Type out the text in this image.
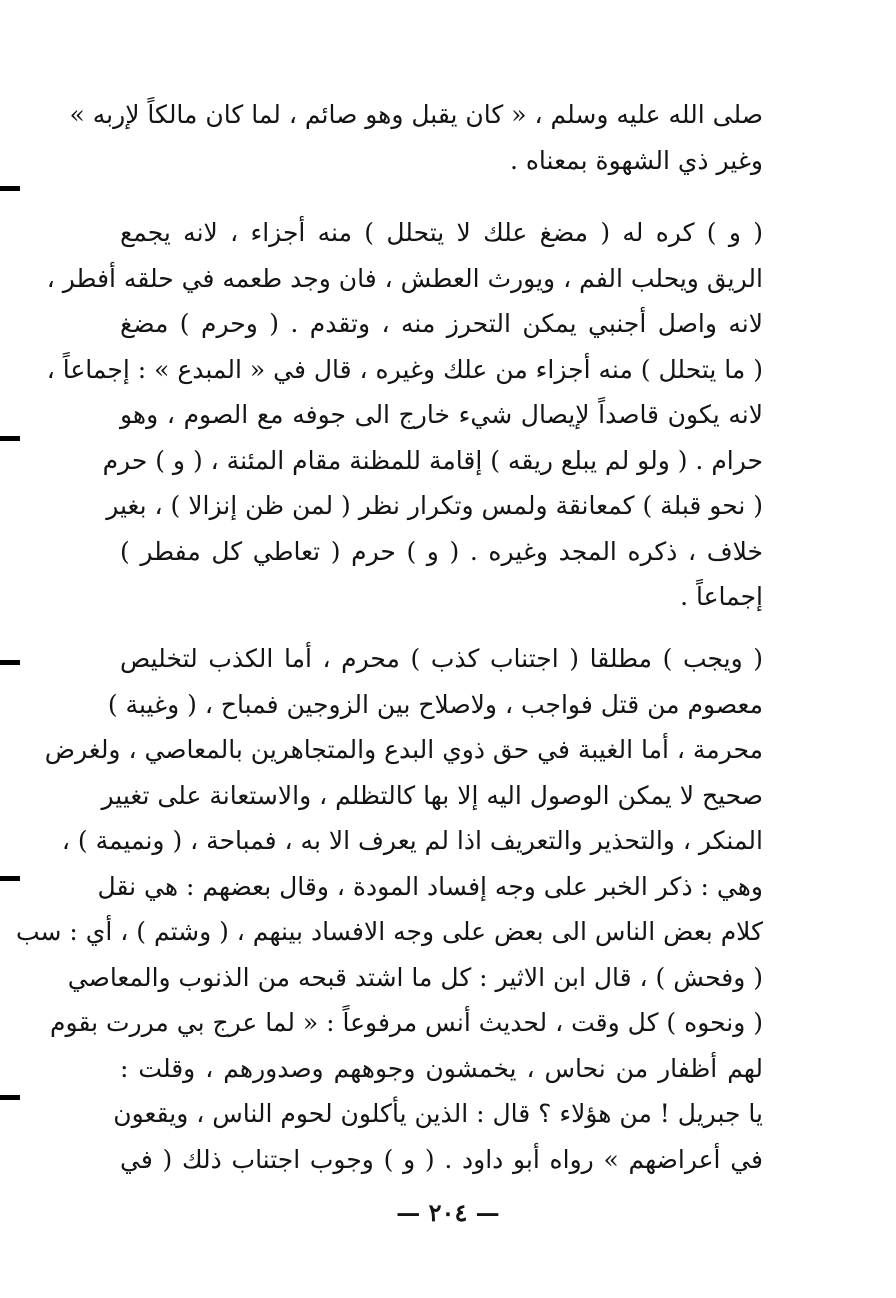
صلى الله عليه وسلم ، « كان يقبل وهو صائم ، لما كان مالكاً لإربه »
وغير ذي الشهوة بمعناه .
( و ) كره له ( مضغ علك لا يتحلل ) منه أجزاء ، لانه يجمع
الريق ويحلب الفم ، ويورث العطش ، فان وجد طعمه في حلقه أفطر ،
لانه واصل أجنبي يمكن التحرز منه ، وتقدم . ( وحرم ) مضغ
( ما يتحلل ) منه أجزاء من علك وغيره ، قال في « المبدع » : إجماعاً ،
لانه يكون قاصداً لإيصال شيء خارج الى جوفه مع الصوم ، وهو
حرام . ( ولو لم يبلع ريقه ) إقامة للمظنة مقام المئنة ، ( و ) حرم
( نحو قبلة ) كمعانقة ولمس وتكرار نظر ( لمن ظن إنزالا ) ، بغير
خلاف ، ذكره المجد وغيره . ( و ) حرم ( تعاطي كل مفطر )
إجماعاً .
( ويجب ) مطلقا ( اجتناب كذب ) محرم ، أما الكذب لتخليص
معصوم من قتل فواجب ، ولاصلاح بين الزوجين فمباح ، ( وغيبة )
محرمة ، أما الغيبة في حق ذوي البدع والمتجاهرين بالمعاصي ، ولغرض
صحيح لا يمكن الوصول اليه إلا بها كالتظلم ، والاستعانة على تغيير
المنكر ، والتحذير والتعريف اذا لم يعرف الا به ، فمباحة ، ( ونميمة ) ،
وهي : ذكر الخبر على وجه إفساد المودة ، وقال بعضهم : هي نقل
كلام بعض الناس الى بعض على وجه الافساد بينهم ، ( وشتم ) ، أي : سب
( وفحش ) ، قال ابن الاثير : كل ما اشتد قبحه من الذنوب والمعاصي
( ونحوه ) كل وقت ، لحديث أنس مرفوعاً : « لما عرج بي مررت بقوم
لهم أظفار من نحاس ، يخمشون وجوههم وصدورهم ، وقلت :
يا جبريل ! من هؤلاء ؟ قال : الذين يأكلون لحوم الناس ، ويقعون
في أعراضهم » رواه أبو داود . ( و ) وجوب اجتناب ذلك ( في
— ٢٠٤ —
